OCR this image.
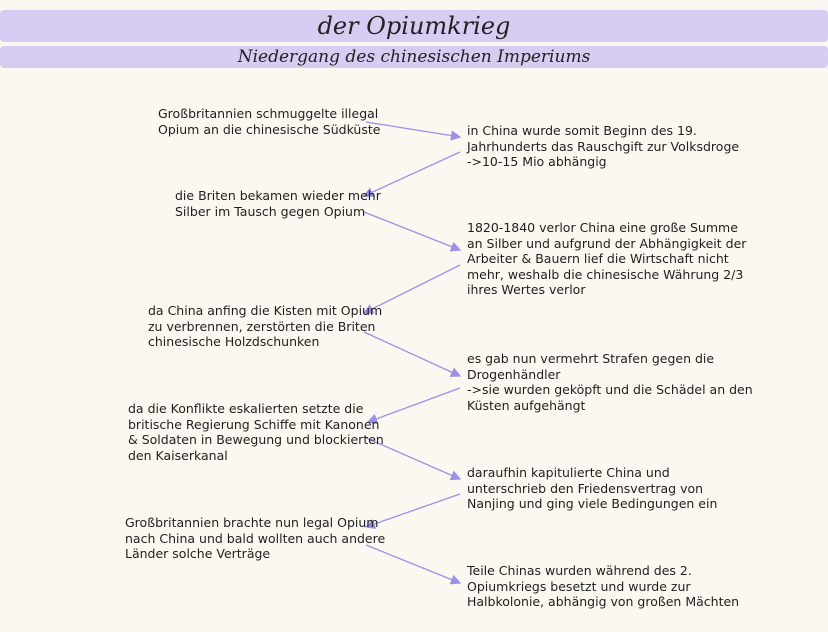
der Opiumkrieg
Niedergang des chinesischen Imperiums

Großbritannien schmuggelte illegal
Opium an die chinesische Südküste

die Briten bekamen wieder mehr
Silber im Tausch gegen Opium

da China anfing die Kisten mit Opium
zu verbrennen, zerstörten die Briten
chinesische Holzdschunken

da die Konflikte eskalierten setzte die
britische Regierung Schiffe mit Kanonen
& Soldaten in Bewegung und blockierten
den Kaiserkanal

Großbritannien brachte nun legal Opium
nach China und bald wollten auch andere
Länder solche Verträge

in China wurde somit Beginn des 19.
Jahrhunderts das Rauschgift zur Volksdroge
->10-15 Mio abhängig

1820-1840 verlor China eine große Summe
an Silber und aufgrund der Abhängigkeit der
Arbeiter & Bauern lief die Wirtschaft nicht
mehr, weshalb die chinesische Währung 2/3
ihres Wertes verlor

es gab nun vermehrt Strafen gegen die
Drogenhändler
->sie wurden geköpft und die Schädel an den
Küsten aufgehängt

daraufhin kapitulierte China und
unterschrieb den Friedensvertrag von
Nanjing und ging viele Bedingungen ein

Teile Chinas wurden während des 2.
Opiumkriegs besetzt und wurde zur
Halbkolonie, abhängig von großen Mächten
